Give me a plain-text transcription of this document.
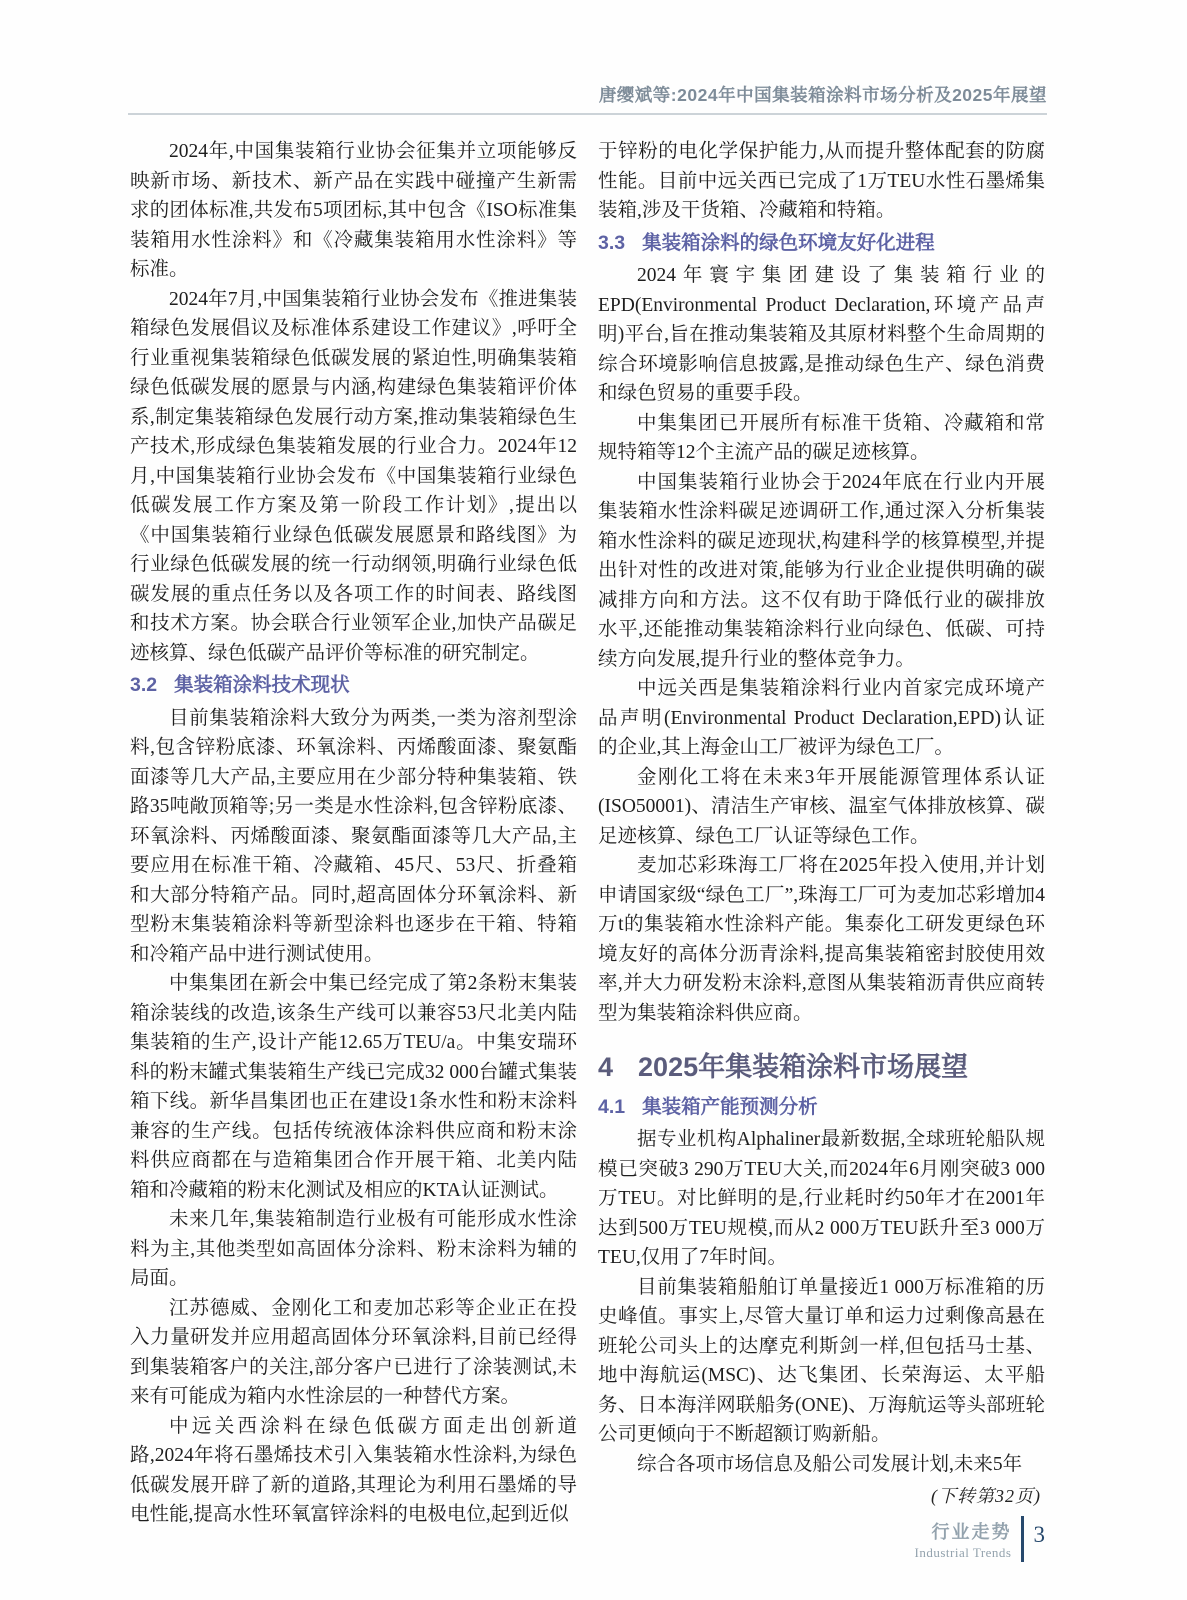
唐缨斌等:2024年中国集装箱涂料市场分析及2025年展望

2024年,中国集装箱行业协会征集并立项能够反映新市场、新技术、新产品在实践中碰撞产生新需求的团体标准,共发布5项团标,其中包含《ISO标准集装箱用水性涂料》和《冷藏集装箱用水性涂料》等标准。

2024年7月,中国集装箱行业协会发布《推进集装箱绿色发展倡议及标准体系建设工作建议》,呼吁全行业重视集装箱绿色低碳发展的紧迫性,明确集装箱绿色低碳发展的愿景与内涵,构建绿色集装箱评价体系,制定集装箱绿色发展行动方案,推动集装箱绿色生产技术,形成绿色集装箱发展的行业合力。2024年12月,中国集装箱行业协会发布《中国集装箱行业绿色低碳发展工作方案及第一阶段工作计划》,提出以《中国集装箱行业绿色低碳发展愿景和路线图》为行业绿色低碳发展的统一行动纲领,明确行业绿色低碳发展的重点任务以及各项工作的时间表、路线图和技术方案。协会联合行业领军企业,加快产品碳足迹核算、绿色低碳产品评价等标准的研究制定。

3.2 集装箱涂料技术现状

目前集装箱涂料大致分为两类,一类为溶剂型涂料,包含锌粉底漆、环氧涂料、丙烯酸面漆、聚氨酯面漆等几大产品,主要应用在少部分特种集装箱、铁路35吨敞顶箱等;另一类是水性涂料,包含锌粉底漆、环氧涂料、丙烯酸面漆、聚氨酯面漆等几大产品,主要应用在标准干箱、冷藏箱、45尺、53尺、折叠箱和大部分特箱产品。同时,超高固体分环氧涂料、新型粉末集装箱涂料等新型涂料也逐步在干箱、特箱和冷箱产品中进行测试使用。

中集集团在新会中集已经完成了第2条粉末集装箱涂装线的改造,该条生产线可以兼容53尺北美内陆集装箱的生产,设计产能12.65万TEU/a。中集安瑞环科的粉末罐式集装箱生产线已完成32 000台罐式集装箱下线。新华昌集团也正在建设1条水性和粉末涂料兼容的生产线。包括传统液体涂料供应商和粉末涂料供应商都在与造箱集团合作开展干箱、北美内陆箱和冷藏箱的粉末化测试及相应的KTA认证测试。

未来几年,集装箱制造行业极有可能形成水性涂料为主,其他类型如高固体分涂料、粉末涂料为辅的局面。

江苏德威、金刚化工和麦加芯彩等企业正在投入力量研发并应用超高固体分环氧涂料,目前已经得到集装箱客户的关注,部分客户已进行了涂装测试,未来有可能成为箱内水性涂层的一种替代方案。

中远关西涂料在绿色低碳方面走出创新道路,2024年将石墨烯技术引入集装箱水性涂料,为绿色低碳发展开辟了新的道路,其理论为利用石墨烯的导电性能,提高水性环氧富锌涂料的电极电位,起到近似

于锌粉的电化学保护能力,从而提升整体配套的防腐性能。目前中远关西已完成了1万TEU水性石墨烯集装箱,涉及干货箱、冷藏箱和特箱。

3.3 集装箱涂料的绿色环境友好化进程

2024年寰宇集团建设了集装箱行业的EPD(Environmental Product Declaration,环境产品声明)平台,旨在推动集装箱及其原材料整个生命周期的综合环境影响信息披露,是推动绿色生产、绿色消费和绿色贸易的重要手段。

中集集团已开展所有标准干货箱、冷藏箱和常规特箱等12个主流产品的碳足迹核算。

中国集装箱行业协会于2024年底在行业内开展集装箱水性涂料碳足迹调研工作,通过深入分析集装箱水性涂料的碳足迹现状,构建科学的核算模型,并提出针对性的改进对策,能够为行业企业提供明确的碳减排方向和方法。这不仅有助于降低行业的碳排放水平,还能推动集装箱涂料行业向绿色、低碳、可持续方向发展,提升行业的整体竞争力。

中远关西是集装箱涂料行业内首家完成环境产品声明(Environmental Product Declaration,EPD)认证的企业,其上海金山工厂被评为绿色工厂。

金刚化工将在未来3年开展能源管理体系认证(ISO50001)、清洁生产审核、温室气体排放核算、碳足迹核算、绿色工厂认证等绿色工作。

麦加芯彩珠海工厂将在2025年投入使用,并计划申请国家级“绿色工厂”,珠海工厂可为麦加芯彩增加4万t的集装箱水性涂料产能。集泰化工研发更绿色环境友好的高体分沥青涂料,提高集装箱密封胶使用效率,并大力研发粉末涂料,意图从集装箱沥青供应商转型为集装箱涂料供应商。

4 2025年集装箱涂料市场展望
4.1 集装箱产能预测分析

据专业机构Alphaliner最新数据,全球班轮船队规模已突破3 290万TEU大关,而2024年6月刚突破3 000万TEU。对比鲜明的是,行业耗时约50年才在2001年达到500万TEU规模,而从2 000万TEU跃升至3 000万TEU,仅用了7年时间。

目前集装箱船舶订单量接近1 000万标准箱的历史峰值。事实上,尽管大量订单和运力过剩像高悬在班轮公司头上的达摩克利斯剑一样,但包括马士基、地中海航运(MSC)、达飞集团、长荣海运、太平船务、日本海洋网联船务(ONE)、万海航运等头部班轮公司更倾向于不断超额订购新船。

综合各项市场信息及船公司发展计划,未来5年

(下转第32页)
行业走势
Industrial Trends
3
